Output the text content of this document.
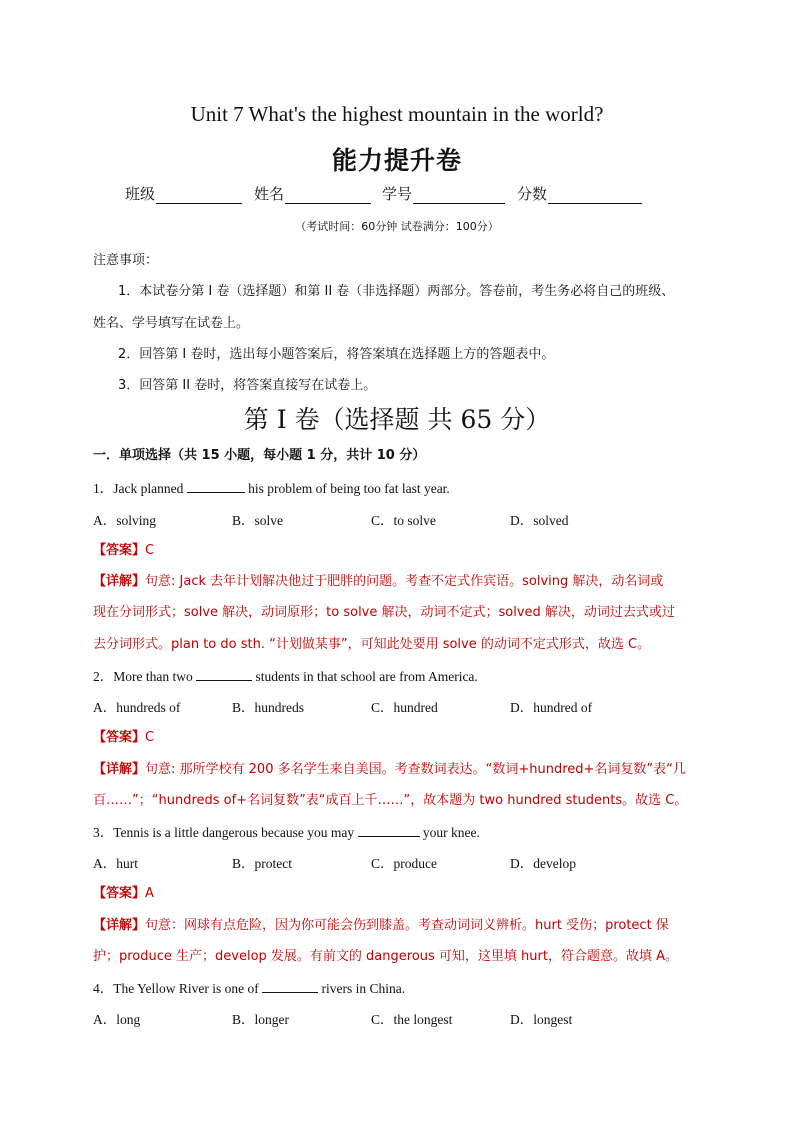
Unit 7 What's the highest mountain in the world?
能力提升卷
班级	姓名	学号	分数
（考试时间：60分钟 试卷满分：100分）
注意事项：
1．本试卷分第 I 卷（选择题）和第 II 卷（非选择题）两部分。答卷前，考生务必将自己的班级、
姓名、学号填写在试卷上。
2．回答第 I 卷时，选出每小题答案后，将答案填在选择题上方的答题表中。
3．回答第 II 卷时，将答案直接写在试卷上。
第 I 卷（选择题 共 65 分）
一．单项选择（共 15 小题，每小题 1 分，共计 10 分）
1．Jack planned	his problem of being too fat last year.
A．solving	B．solve	C．to solve	D．solved
【答案】C
【详解】句意: Jack 去年计划解决他过于肥胖的问题。考查不定式作宾语。solving 解决，动名词或
现在分词形式；solve 解决，动词原形；to solve 解决，动词不定式；solved 解决，动词过去式或过
去分词形式。plan to do sth. “计划做某事”，可知此处要用 solve 的动词不定式形式，故选 C。
2．More than two	students in that school are from America.
A．hundreds of	B．hundreds	C．hundred	D．hundred of
【答案】C
【详解】句意: 那所学校有 200 多名学生来自美国。考查数词表达。“数词+hundred+名词复数”表“几
百……”；“hundreds of+名词复数”表“成百上千……”，故本题为 two hundred students。故选 C。
3．Tennis is a little dangerous because you may	your knee.
A．hurt	B．protect	C．produce	D．develop
【答案】A
【详解】句意：网球有点危险，因为你可能会伤到膝盖。考查动词词义辨析。hurt 受伤；protect 保
护；produce 生产；develop 发展。有前文的 dangerous 可知，这里填 hurt，符合题意。故填 A。
4．The Yellow River is one of	rivers in China.
A．long	B．longer	C．the longest	D．longest
